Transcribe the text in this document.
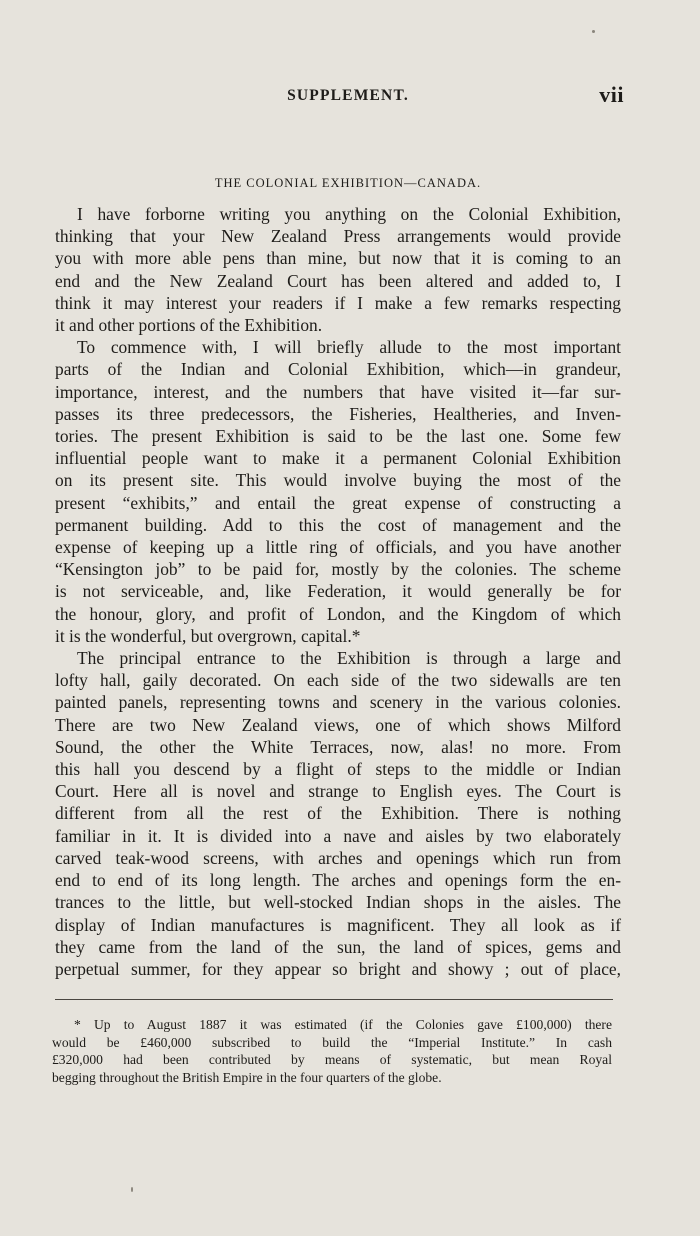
SUPPLEMENT.	vii
THE COLONIAL EXHIBITION—CANADA.
I have forborne writing you anything on the Colonial Exhibition,
thinking that your New Zealand Press arrangements would provide
you with more able pens than mine, but now that it is coming to an
end and the New Zealand Court has been altered and added to, I
think it may interest your readers if I make a few remarks respecting
it and other portions of the Exhibition.
To commence with, I will briefly allude to the most important
parts of the Indian and Colonial Exhibition, which—in grandeur,
importance, interest, and the numbers that have visited it—far sur-
passes its three predecessors, the Fisheries, Healtheries, and Inven-
tories. The present Exhibition is said to be the last one. Some few
influential people want to make it a permanent Colonial Exhibition
on its present site. This would involve buying the most of the
present “exhibits,” and entail the great expense of constructing a
permanent building. Add to this the cost of management and the
expense of keeping up a little ring of officials, and you have another
“Kensington job” to be paid for, mostly by the colonies. The scheme
is not serviceable, and, like Federation, it would generally be for
the honour, glory, and profit of London, and the Kingdom of which
it is the wonderful, but overgrown, capital.*
The principal entrance to the Exhibition is through a large and
lofty hall, gaily decorated. On each side of the two sidewalls are ten
painted panels, representing towns and scenery in the various colonies.
There are two New Zealand views, one of which shows Milford
Sound, the other the White Terraces, now, alas! no more. From
this hall you descend by a flight of steps to the middle or Indian
Court. Here all is novel and strange to English eyes. The Court is
different from all the rest of the Exhibition. There is nothing
familiar in it. It is divided into a nave and aisles by two elaborately
carved teak-wood screens, with arches and openings which run from
end to end of its long length. The arches and openings form the en-
trances to the little, but well-stocked Indian shops in the aisles. The
display of Indian manufactures is magnificent. They all look as if
they came from the land of the sun, the land of spices, gems and
perpetual summer, for they appear so bright and showy ; out of place,
* Up to August 1887 it was estimated (if the Colonies gave £100,000) there
would be £460,000 subscribed to build the “Imperial Institute.” In cash
£320,000 had been contributed by means of systematic, but mean Royal
begging throughout the British Empire in the four quarters of the globe.
